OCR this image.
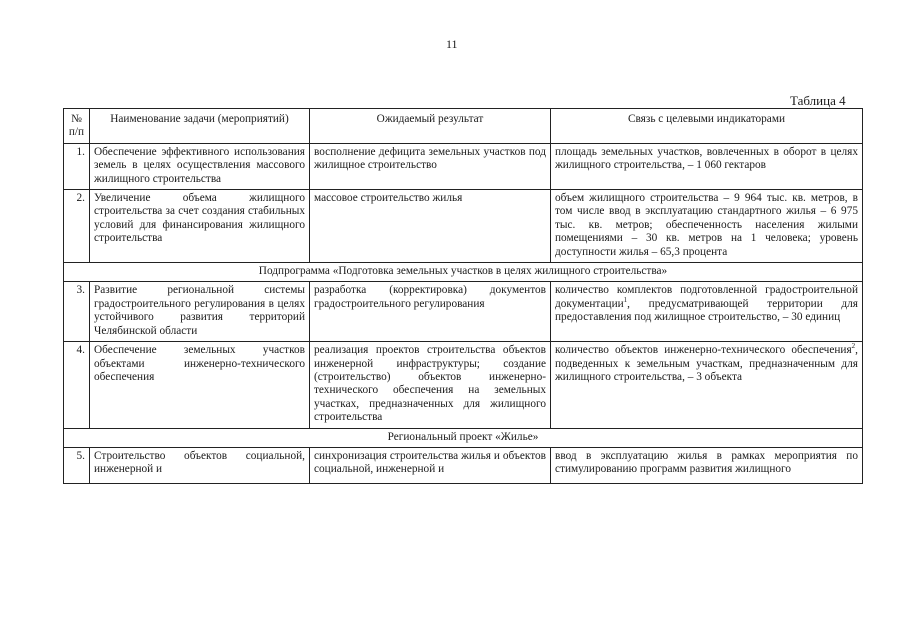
11
Таблица 4
№ п/п	Наименование задачи (мероприятий)	Ожидаемый результат	Связь с целевыми индикаторами
1.	Обеспечение эффективного использования земель в целях осуществления массового жилищного строительства	восполнение дефицита земельных участков под жилищное строительство	площадь земельных участков, вовлеченных в оборот в целях жилищного строительства, – 1 060 гектаров
2.	Увеличение объема жилищного строительства за счет создания стабильных условий для финансирования жилищного строительства	массовое строительство жилья	объем жилищного строительства – 9 964 тыс. кв. метров, в том числе ввод в эксплуатацию стандартного жилья – 6 975 тыс. кв. метров; обеспеченность населения жилыми помещениями – 30 кв. метров на 1 человека; уровень доступности жилья – 65,3 процента
Подпрограмма «Подготовка земельных участков в целях жилищного строительства»			
3.	Развитие региональной системы градостроительного регулирования в целях устойчивого развития территорий Челябинской области	разработка (корректировка) документов градостроительного регулирования	количество комплектов подготовленной градостроительной документации$^1$, предусматривающей территории для предоставления под жилищное строительство, – 30 единиц
4.	Обеспечение земельных участков объектами инженерно-технического обеспечения	реализация проектов строительства объектов инженерной инфраструктуры; создание (строительство) объектов инженерно-технического обеспечения на земельных участках, предназначенных для жилищного строительства	количество объектов инженерно-технического обеспечения$^2$, подведенных к земельным участкам, предназначенным для жилищного строительства, – 3 объекта
Региональный проект «Жилье»			
5.	Строительство объектов социальной, инженерной и	синхронизация строительства жилья и объектов социальной, инженерной и	ввод в эксплуатацию жилья в рамках мероприятия по стимулированию программ развития жилищного
